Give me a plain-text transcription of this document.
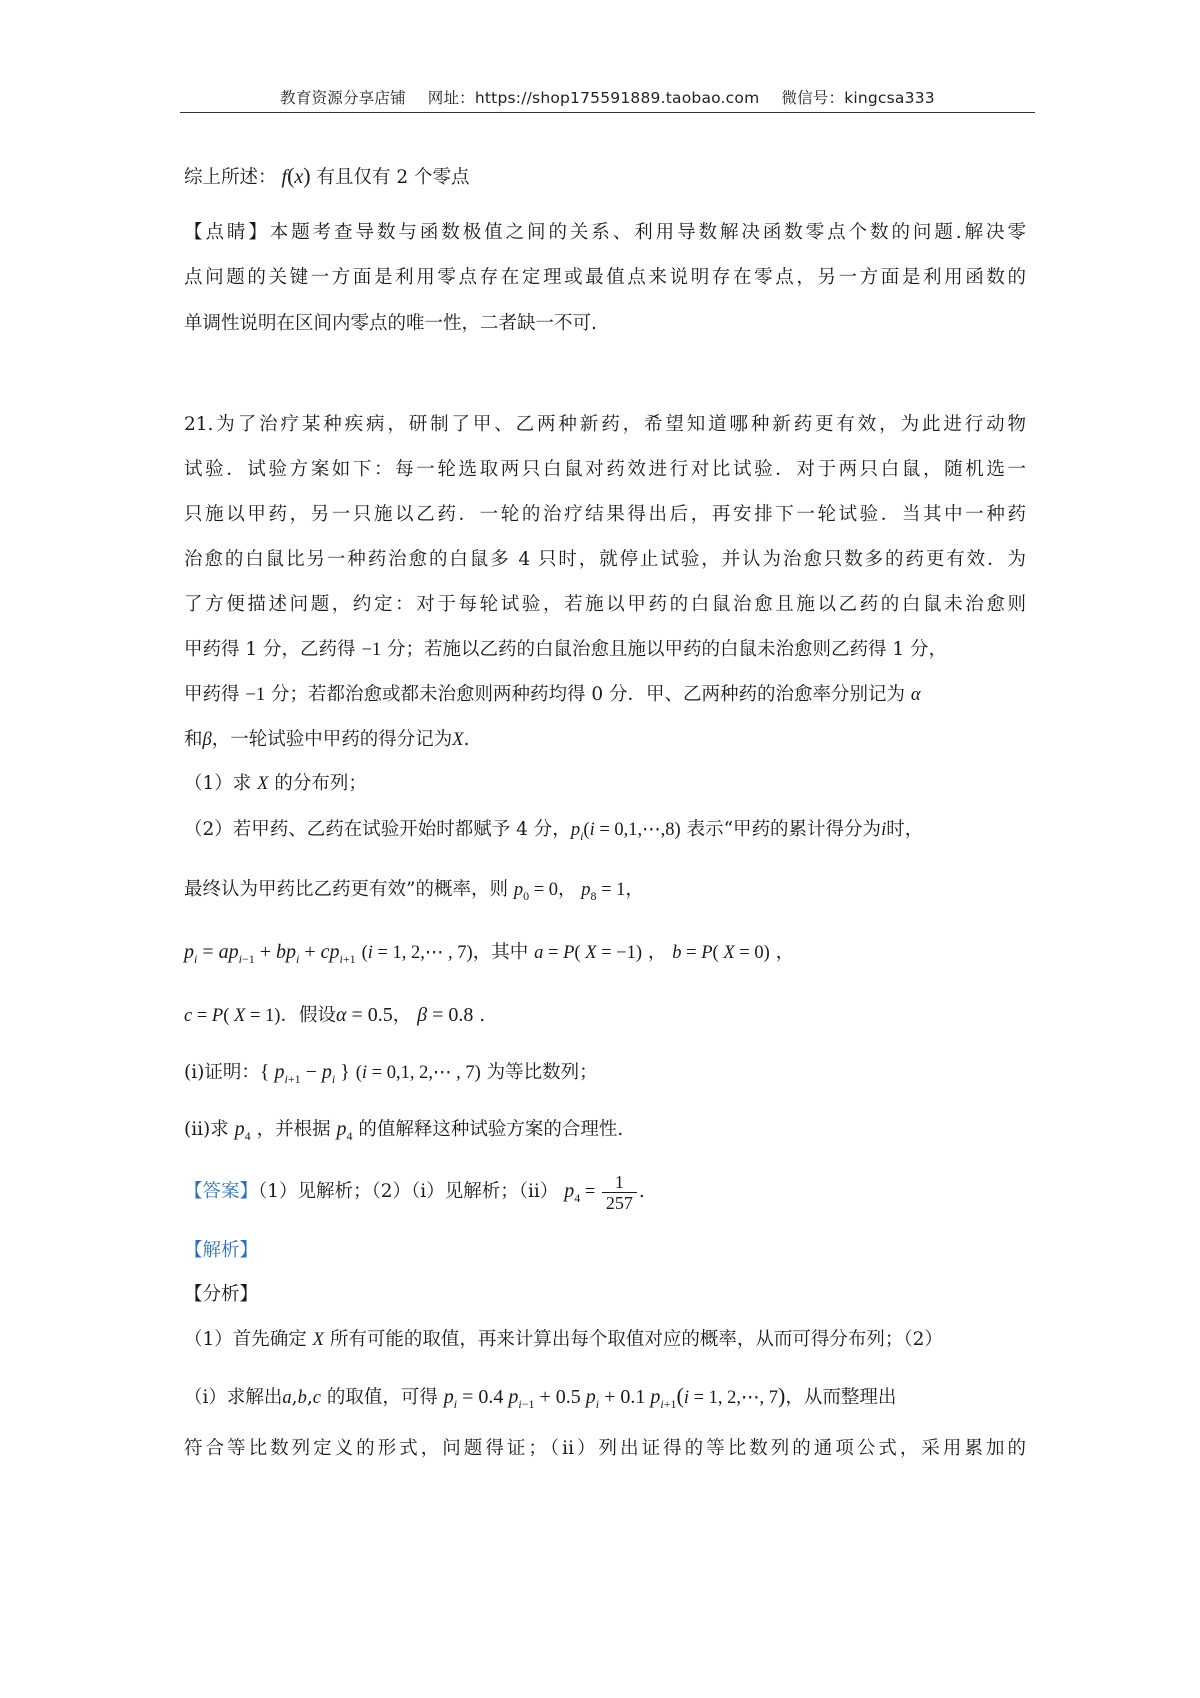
教育资源分享店铺 网址：https://shop175591889.taobao.com 微信号：kingcsa333
综上所述： f(x) 有且仅有 2 个零点
【点睛】本题考查导数与函数极值之间的关系、利用导数解决函数零点个数的问题.解决零
点问题的关键一方面是利用零点存在定理或最值点来说明存在零点，另一方面是利用函数的
单调性说明在区间内零点的唯一性，二者缺一不可.
21.为了治疗某种疾病，研制了甲、乙两种新药，希望知道哪种新药更有效，为此进行动物
试验．试验方案如下：每一轮选取两只白鼠对药效进行对比试验．对于两只白鼠，随机选一
只施以甲药，另一只施以乙药．一轮的治疗结果得出后，再安排下一轮试验．当其中一种药
治愈的白鼠比另一种药治愈的白鼠多 4 只时，就停止试验，并认为治愈只数多的药更有效．为
了方便描述问题，约定：对于每轮试验，若施以甲药的白鼠治愈且施以乙药的白鼠未治愈则
甲药得 1 分，乙药得 −1 分；若施以乙药的白鼠治愈且施以甲药的白鼠未治愈则乙药得 1 分，
甲药得 −1 分；若都治愈或都未治愈则两种药均得 0 分．甲、乙两种药的治愈率分别记为 α
和β，一轮试验中甲药的得分记为X.
（1）求 X 的分布列；
（2）若甲药、乙药在试验开始时都赋予 4 分，$p_i(i$ = 0,1,⋯,8) 表示“甲药的累计得分为i时，
最终认为甲药比乙药更有效”的概率，则 $p_0 = 0$， $p_8 = 1$，
$p_i = ap_{i-1} + bp_i + cp_{i+1}$ (i = 1, 2,⋯ , 7)，其中 a = P( X = −1) ， b = P( X = 0) ，
c = P( X = 1)．假设α = 0.5， β = 0.8 .
(i)证明：{ $p_{i+1} - p_i$ } (i = 0,1, 2,⋯ , 7) 为等比数列；
(ii)求 $p_4$ ，并根据 $p_4$ 的值解释这种试验方案的合理性.
【答案】（1）见解析；（2）（i）见解析；（ii） $p_4 = \frac{1}{257}$ .
【解析】
【分析】
（1）首先确定 X 所有可能的取值，再来计算出每个取值对应的概率，从而可得分布列；（2）
（i）求解出a,b,c 的取值，可得 $p_i = 0.4$ $p_{i-1} + 0.5$ $p_i + 0.1$ $p_{i+1}(i = 1$, 2,⋯, 7)，从而整理出
符合等比数列定义的形式，问题得证；（ii）列出证得的等比数列的通项公式，采用累加的
